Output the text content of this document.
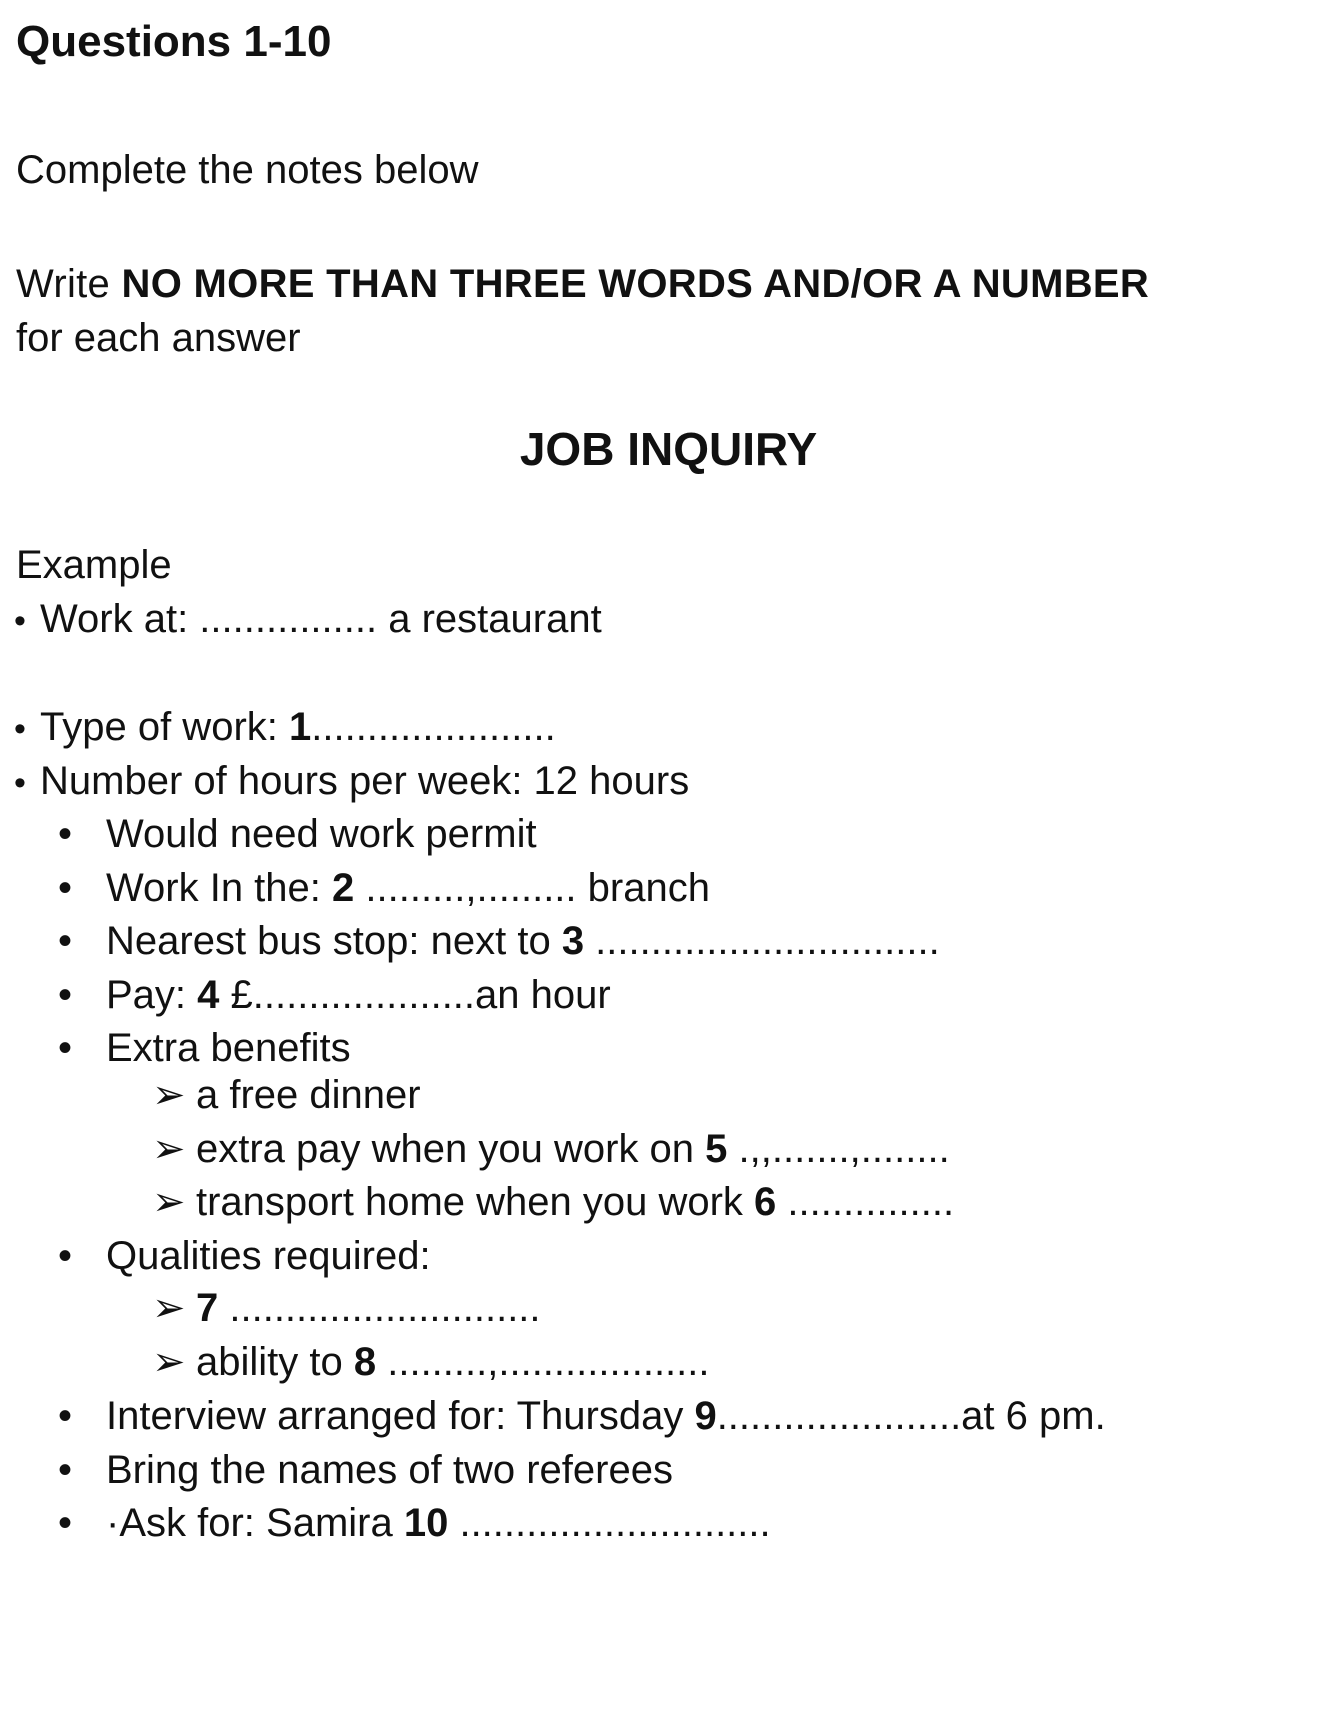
Questions 1-10
Complete the notes below
Write NO MORE THAN THREE WORDS AND/OR A NUMBER
for each answer
JOB INQUIRY
Example
• Work at: ................ a restaurant
• Type of work: 1......................
• Number of hours per week: 12 hours
• Would need work permit
• Work In the: 2 .........,......... branch
• Nearest bus stop: next to 3 ...............................
• Pay: 4 £....................an hour
• Extra benefits
➢ a free dinner
➢ extra pay when you work on 5 .,,.......,........
➢ transport home when you work 6 ...............
• Qualities required:
➢ 7 ............................
➢ ability to 8 .........,...................
• Interview arranged for: Thursday 9......................at 6 pm.
• Bring the names of two referees
• ·Ask for: Samira 10 ............................
